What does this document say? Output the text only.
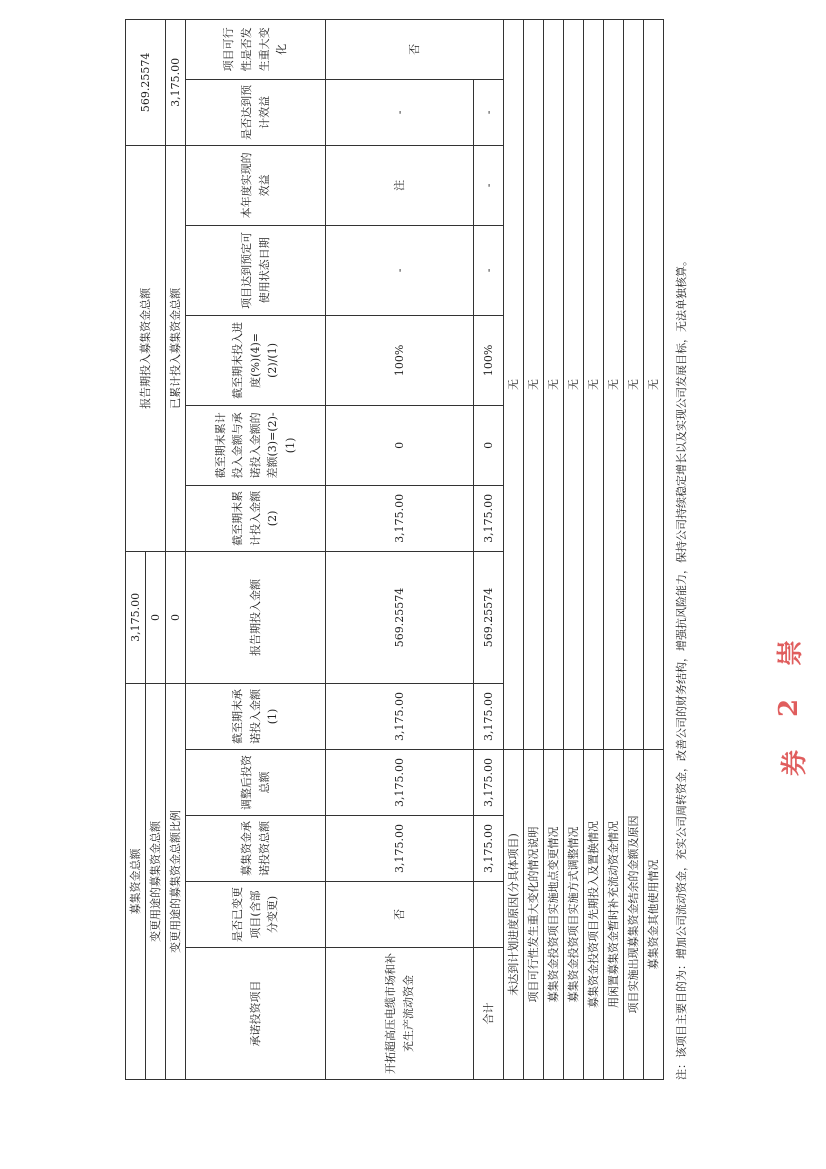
募集资金总额					3,175.00	报告期投入募集资金总额					569.25574	
变更用途的募集资金总额					0							
变更用途的募集资金总额比例					0	已累计投入募集资金总额					3,175.00	
承诺投资项目	是否已变更项目(含部分变更)	募集资金承诺投资总额	调整后投资总额	截至期末承诺投入金额(1)	报告期投入金额	截至期末累计投入金额(2)	截至期末累计投入金额与承诺投入金额的差额(3)=(2)-(1)	截至期末投入进度(%)(4)=(2)/(1)	项目达到预定可使用状态日期	本年度实现的效益	是否达到预计效益	项目可行性是否发生重大变化
开拓超高压电缆市场和补充生产流动资金	否	3,175.00	3,175.00	3,175.00	569.25574	3,175.00	0	100%	-	注	-	否
合计		3,175.00	3,175.00	3,175.00	569.25574	3,175.00	0	100%	-	-	-	
未达到计划进度原因(分具体项目)				无								
项目可行性发生重大变化的情况说明				无								
募集资金投资项目实施地点变更情况				无								
募集资金投资项目实施方式调整情况				无								
募集资金投资项目先期投入及置换情况				无								
用闲置募集资金暂时补充流动资金情况				无								
项目实施出现募集资金结余的金额及原因				无								
募集资金其他使用情况				无								注：该项目主要目的为：增加公司流动资金，充实公司周转资金，改善公司的财务结构，增强抗风险能力，保持公司持续稳定增长以及实现公司发展目标，无法单独核算。	崇
2
券
